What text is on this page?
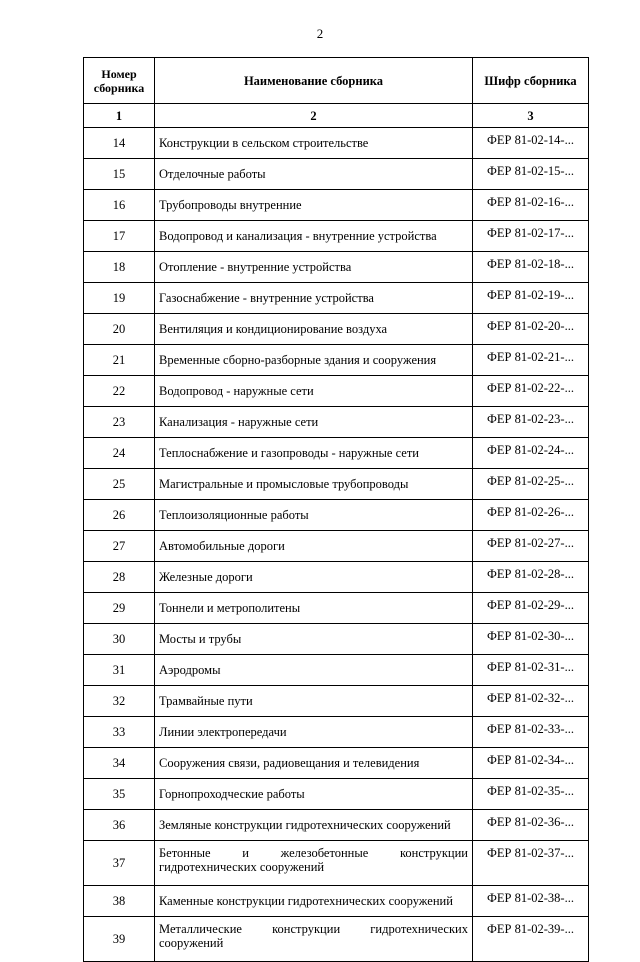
2
Номер
сборника	Наименование сборника	Шифр сборника
1	2	3
14	Конструкции в сельском строительстве	ФЕР 81-02-14-...
15	Отделочные работы	ФЕР 81-02-15-...
16	Трубопроводы внутренние	ФЕР 81-02-16-...
17	Водопровод и канализация - внутренние устройства	ФЕР 81-02-17-...
18	Отопление - внутренние устройства	ФЕР 81-02-18-...
19	Газоснабжение - внутренние устройства	ФЕР 81-02-19-...
20	Вентиляция и кондиционирование воздуха	ФЕР 81-02-20-...
21	Временные сборно-разборные здания и сооружения	ФЕР 81-02-21-...
22	Водопровод - наружные сети	ФЕР 81-02-22-...
23	Канализация - наружные сети	ФЕР 81-02-23-...
24	Теплоснабжение и газопроводы - наружные сети	ФЕР 81-02-24-...
25	Магистральные и промысловые трубопроводы	ФЕР 81-02-25-...
26	Теплоизоляционные работы	ФЕР 81-02-26-...
27	Автомобильные дороги	ФЕР 81-02-27-...
28	Железные дороги	ФЕР 81-02-28-...
29	Тоннели и метрополитены	ФЕР 81-02-29-...
30	Мосты и трубы	ФЕР 81-02-30-...
31	Аэродромы	ФЕР 81-02-31-...
32	Трамвайные пути	ФЕР 81-02-32-...
33	Линии электропередачи	ФЕР 81-02-33-...
34	Сооружения связи, радиовещания и телевидения	ФЕР 81-02-34-...
35	Горнопроходческие работы	ФЕР 81-02-35-...
36	Земляные конструкции гидротехнических сооружений	ФЕР 81-02-36-...
37	Бетонные и железобетонные конструкции
гидротехнических сооружений	ФЕР 81-02-37-...
38	Каменные конструкции гидротехнических сооружений	ФЕР 81-02-38-...
39	Металлические конструкции гидротехнических
сооружений	ФЕР 81-02-39-...
